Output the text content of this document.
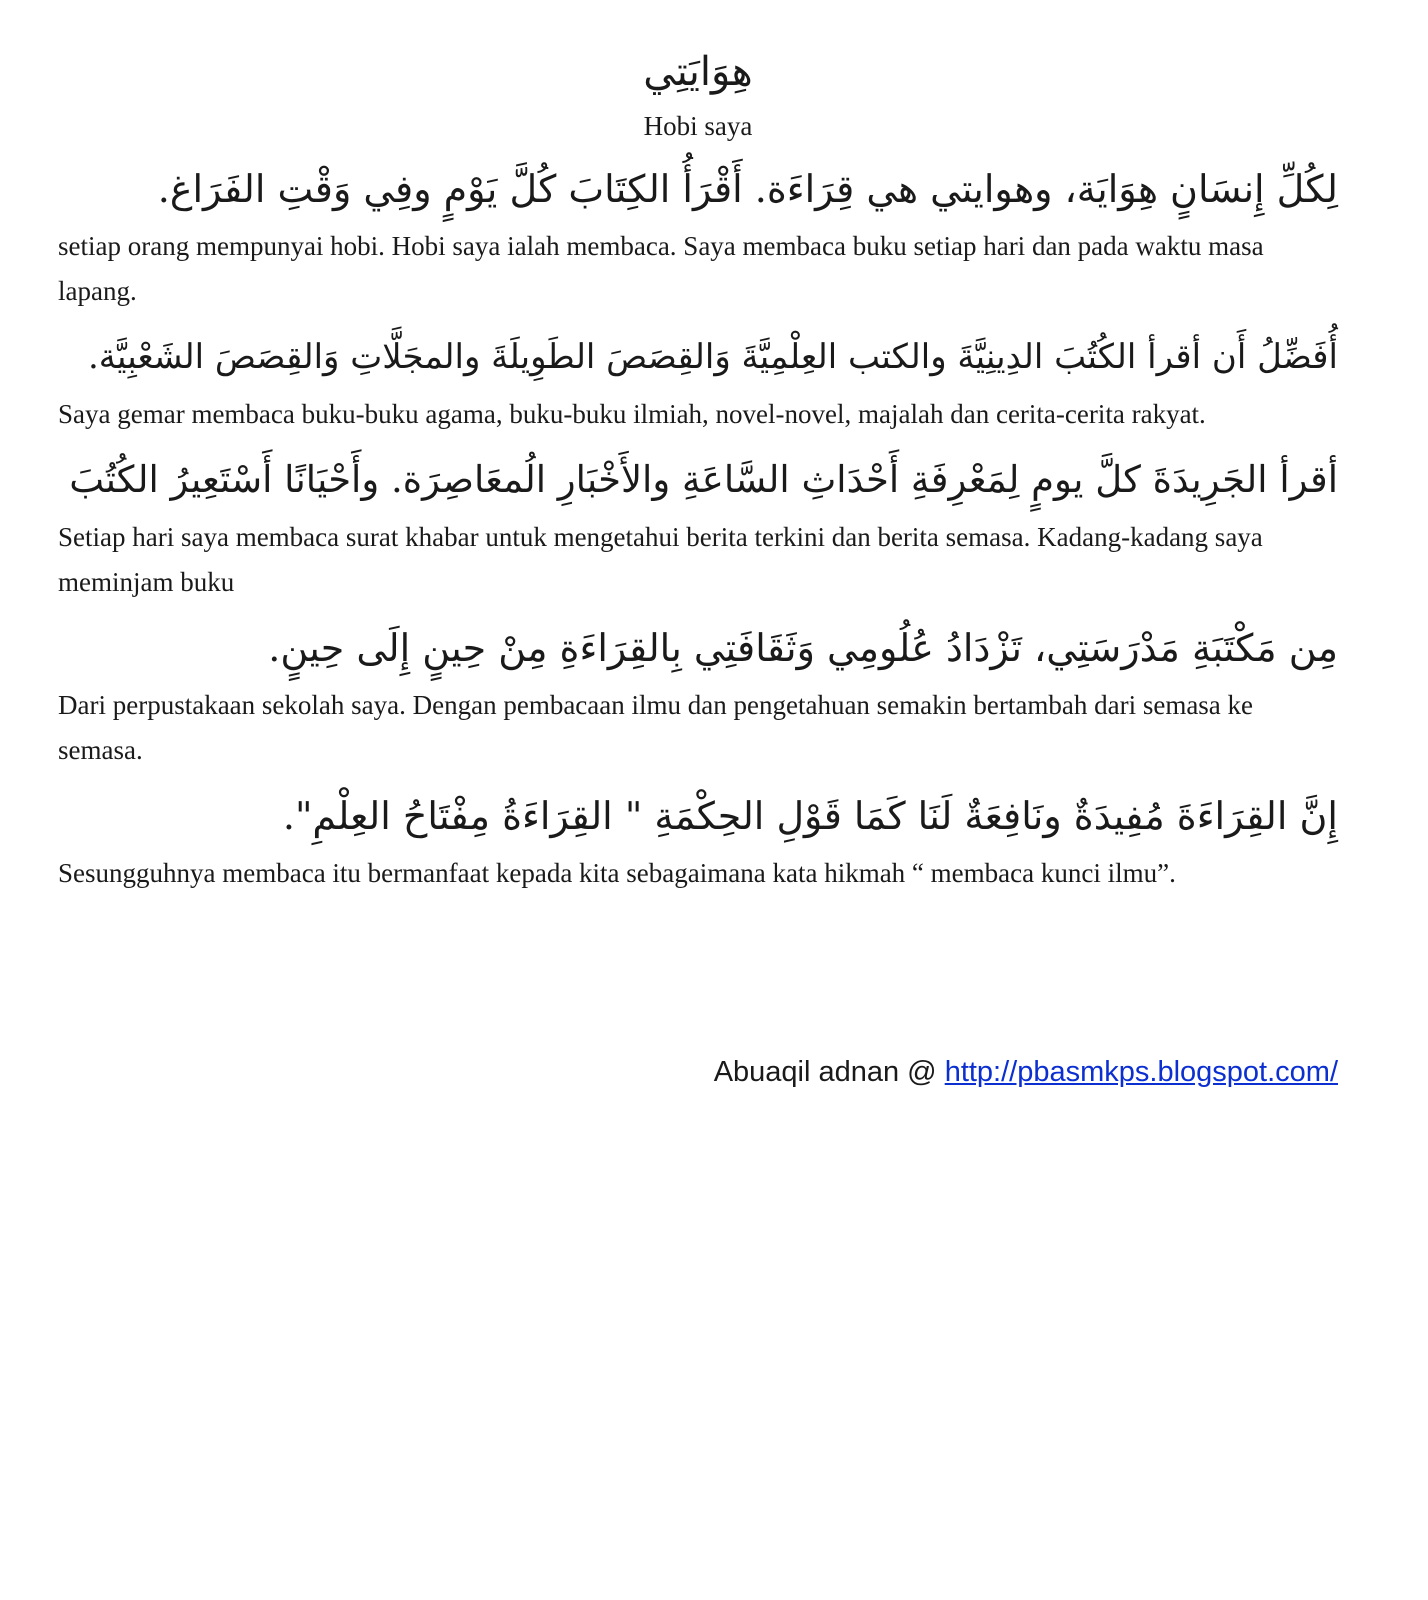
هِوَايَتِي

Hobi saya

لِكُلِّ إِنسَانٍ هِوَايَة، وهوايتي هي قِرَاءَة. أَقْرَأُ الكِتَابَ كُلَّ يَوْمٍ وفِي وَقْتِ الفَرَاغ.

setiap orang mempunyai hobi. Hobi saya ialah membaca. Saya membaca buku setiap hari dan pada waktu masa lapang.

أُفَضِّلُ أَن أقرأ الكُتُبَ الدِينِيَّةَ والكتب العِلْمِيَّةَ وَالقِصَصَ الطَوِيلَةَ والمجَلَّاتِ وَالقِصَصَ الشَعْبِيَّة.

Saya gemar membaca buku-buku agama, buku-buku ilmiah, novel-novel, majalah dan cerita-cerita rakyat.

أقرأ الجَرِيدَةَ كلَّ يومٍ لِمَعْرِفَةِ أَحْدَاثِ السَّاعَةِ والأَخْبَارِ الُمعَاصِرَة. وأَحْيَانًا أَسْتَعِيرُ الكُتُبَ

Setiap hari saya membaca surat khabar untuk mengetahui berita terkini dan berita semasa. Kadang-kadang saya meminjam buku

مِن مَكْتَبَةِ مَدْرَسَتِي، تَزْدَادُ عُلُومِي وَثَقَافَتِي بِالقِرَاءَةِ مِنْ حِينٍ إِلَى حِينٍ.

Dari perpustakaan sekolah saya. Dengan pembacaan ilmu dan pengetahuan semakin bertambah dari semasa ke semasa.

إِنَّ القِرَاءَةَ مُفِيدَةٌ ونَافِعَةٌ لَنَا كَمَا قَوْلِ الحِكْمَةِ " القِرَاءَةُ مِفْتَاحُ العِلْمِ".

Sesungguhnya membaca itu bermanfaat kepada kita sebagaimana kata hikmah “ membaca kunci ilmu”.

Abuaqil adnan @ http://pbasmkps.blogspot.com/
